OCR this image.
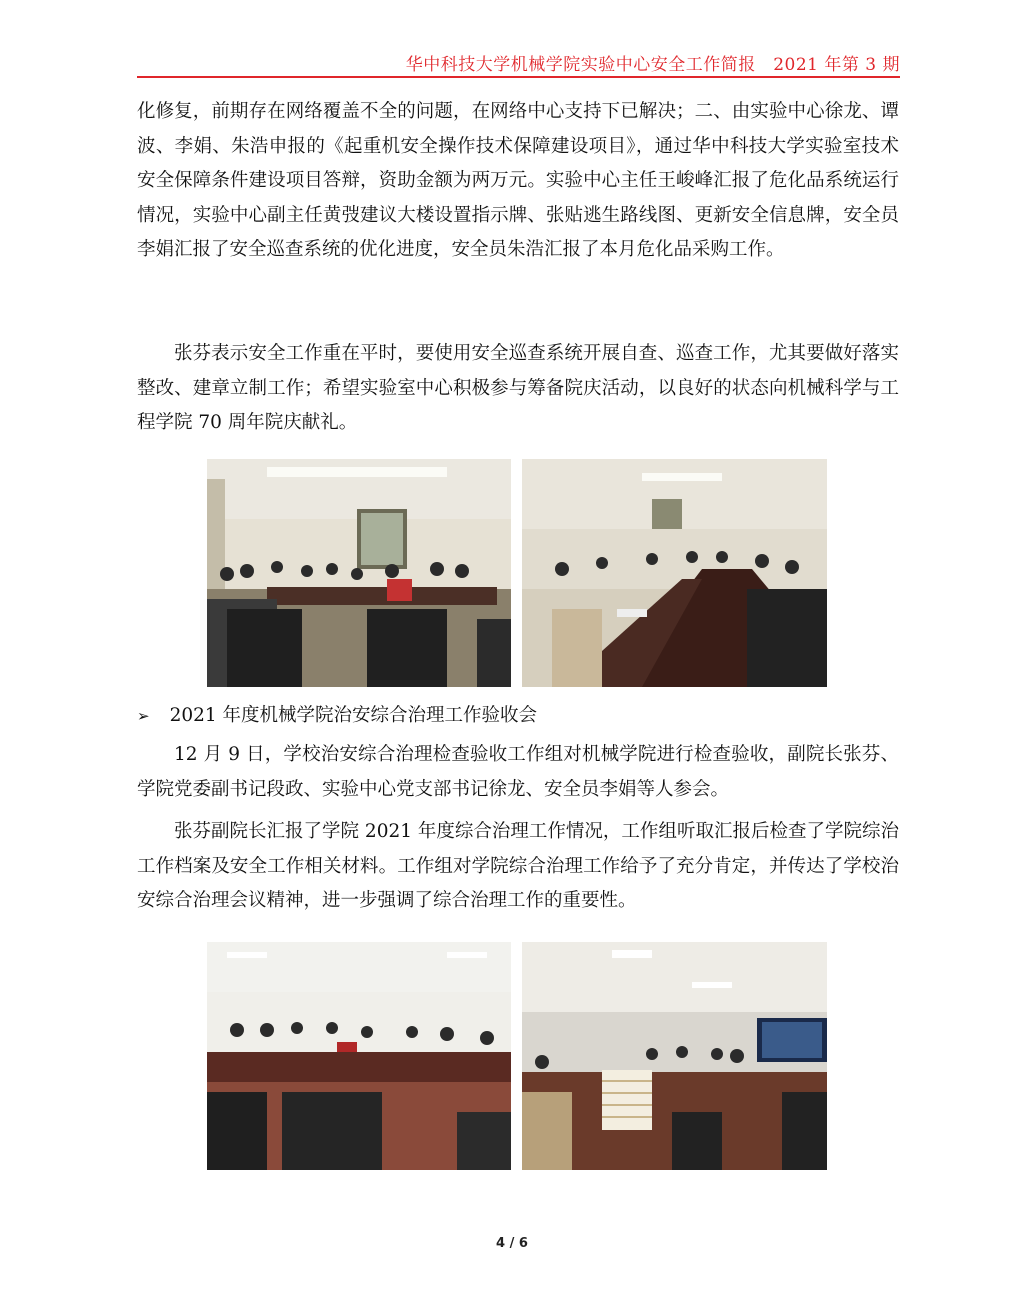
华中科技大学机械学院实验中心安全工作简报　2021 年第 3 期

化修复，前期存在网络覆盖不全的问题，在网络中心支持下已解决；二、由实验中心徐龙、谭波、李娟、朱浩申报的《起重机安全操作技术保障建设项目》，通过华中科技大学实验室技术安全保障条件建设项目答辩，资助金额为两万元。实验中心主任王峻峰汇报了危化品系统运行情况，实验中心副主任黄弢建议大楼设置指示牌、张贴逃生路线图、更新安全信息牌，安全员李娟汇报了安全巡查系统的优化进度，安全员朱浩汇报了本月危化品采购工作。

张芬表示安全工作重在平时，要使用安全巡查系统开展自查、巡查工作，尤其要做好落实整改、建章立制工作；希望实验室中心积极参与筹备院庆活动，以良好的状态向机械科学与工程学院 70 周年院庆献礼。

➢ 2021 年度机械学院治安综合治理工作验收会

12 月 9 日，学校治安综合治理检查验收工作组对机械学院进行检查验收，副院长张芬、学院党委副书记段政、实验中心党支部书记徐龙、安全员李娟等人参会。

张芬副院长汇报了学院 2021 年度综合治理工作情况，工作组听取汇报后检查了学院综治工作档案及安全工作相关材料。工作组对学院综合治理工作给予了充分肯定，并传达了学校治安综合治理会议精神，进一步强调了综合治理工作的重要性。

4 / 6
